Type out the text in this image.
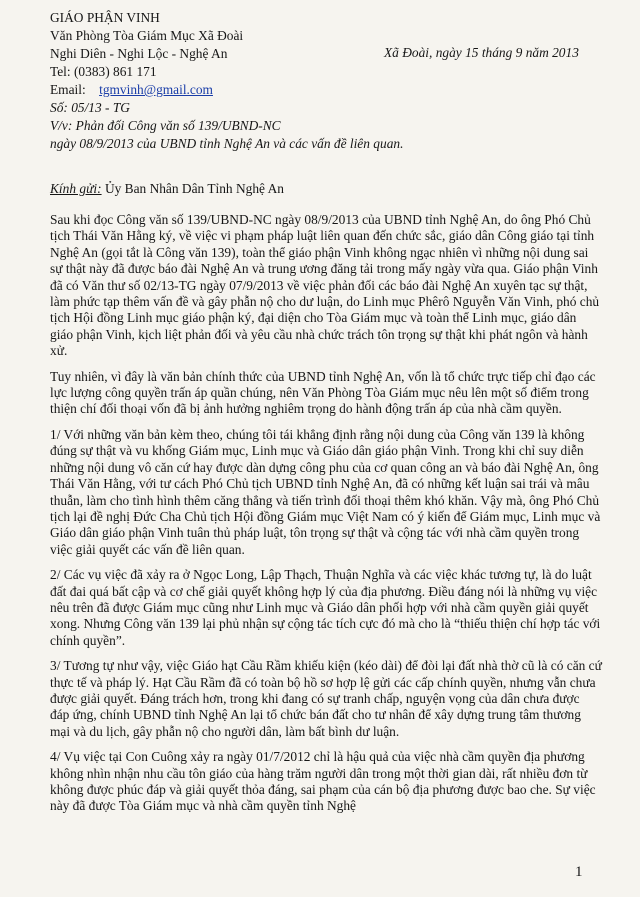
GIÁO PHẬN VINH
Văn Phòng Tòa Giám Mục Xã Đoài
Nghi Diên - Nghi Lộc - Nghệ An
Tel: (0383) 861 171
Email: tgmvinh@gmail.com
Số: 05/13 - TG
V/v: Phản đối Công văn số 139/UBND-NC
ngày 08/9/2013 của UBND tỉnh Nghệ An và các vấn đề liên quan.
Xã Đoài, ngày 15 tháng 9 năm 2013
Kính gửi: Ủy Ban Nhân Dân Tỉnh Nghệ An

Sau khi đọc Công văn số 139/UBND-NC ngày 08/9/2013 của UBND tỉnh Nghệ An, do ông Phó Chủ tịch Thái Văn Hằng ký, về việc vi phạm pháp luật liên quan đến chức sắc, giáo dân Công giáo tại tỉnh Nghệ An (gọi tắt là Công văn 139), toàn thể giáo phận Vinh không ngạc nhiên vì những nội dung sai sự thật này đã được báo đài Nghệ An và trung ương đăng tải trong mấy ngày vừa qua. Giáo phận Vinh đã có Văn thư số 02/13-TG ngày 07/9/2013 về việc phản đối các báo đài Nghệ An xuyên tạc sự thật, làm phức tạp thêm vấn đề và gây phẫn nộ cho dư luận, do Linh mục Phêrô Nguyễn Văn Vinh, phó chủ tịch Hội đồng Linh mục giáo phận ký, đại diện cho Tòa Giám mục và toàn thể Linh mục, giáo dân giáo phận Vinh, kịch liệt phản đối và yêu cầu nhà chức trách tôn trọng sự thật khi phát ngôn và hành xử.

Tuy nhiên, vì đây là văn bản chính thức của UBND tỉnh Nghệ An, vốn là tổ chức trực tiếp chỉ đạo các lực lượng công quyền trấn áp quần chúng, nên Văn Phòng Tòa Giám mục nêu lên một số điểm trong thiện chí đối thoại vốn đã bị ảnh hưởng nghiêm trọng do hành động trấn áp của nhà cầm quyền.

1/ Với những văn bản kèm theo, chúng tôi tái khẳng định rằng nội dung của Công văn 139 là không đúng sự thật và vu khống Giám mục, Linh mục và Giáo dân giáo phận Vinh. Trong khi chỉ suy diễn những nội dung vô căn cứ hay được dàn dựng công phu của cơ quan công an và báo đài Nghệ An, ông Thái Văn Hằng, với tư cách Phó Chủ tịch UBND tỉnh Nghệ An, đã có những kết luận sai trái và mâu thuẫn, làm cho tình hình thêm căng thẳng và tiến trình đối thoại thêm khó khăn. Vậy mà, ông Phó Chủ tịch lại đề nghị Đức Cha Chủ tịch Hội đồng Giám mục Việt Nam có ý kiến để Giám mục, Linh mục và Giáo dân giáo phận Vinh tuân thủ pháp luật, tôn trọng sự thật và cộng tác với nhà cầm quyền trong việc giải quyết các vấn đề liên quan.

2/ Các vụ việc đã xảy ra ở Ngọc Long, Lập Thạch, Thuận Nghĩa và các việc khác tương tự, là do luật đất đai quá bất cập và cơ chế giải quyết không hợp lý của địa phương. Điều đáng nói là những vụ việc nêu trên đã được Giám mục cũng như Linh mục và Giáo dân phối hợp với nhà cầm quyền giải quyết xong. Nhưng Công văn 139 lại phủ nhận sự cộng tác tích cực đó mà cho là “thiếu thiện chí hợp tác với chính quyền”.

3/ Tương tự như vậy, việc Giáo hạt Cầu Rầm khiếu kiện (kéo dài) để đòi lại đất nhà thờ cũ là có căn cứ thực tế và pháp lý. Hạt Cầu Rầm đã có toàn bộ hồ sơ hợp lệ gửi các cấp chính quyền, nhưng vẫn chưa được giải quyết. Đáng trách hơn, trong khi đang có sự tranh chấp, nguyện vọng của dân chưa được đáp ứng, chính UBND tỉnh Nghệ An lại tổ chức bán đất cho tư nhân để xây dựng trung tâm thương mại và du lịch, gây phẫn nộ cho người dân, làm bất bình dư luận.

4/ Vụ việc tại Con Cuông xảy ra ngày 01/7/2012 chỉ là hậu quả của việc nhà cầm quyền địa phương không nhìn nhận nhu cầu tôn giáo của hàng trăm người dân trong một thời gian dài, rất nhiều đơn từ không được phúc đáp và giải quyết thỏa đáng, sai phạm của cán bộ địa phương được bao che. Sự việc này đã được Tòa Giám mục và nhà cầm quyền tỉnh Nghệ

1
